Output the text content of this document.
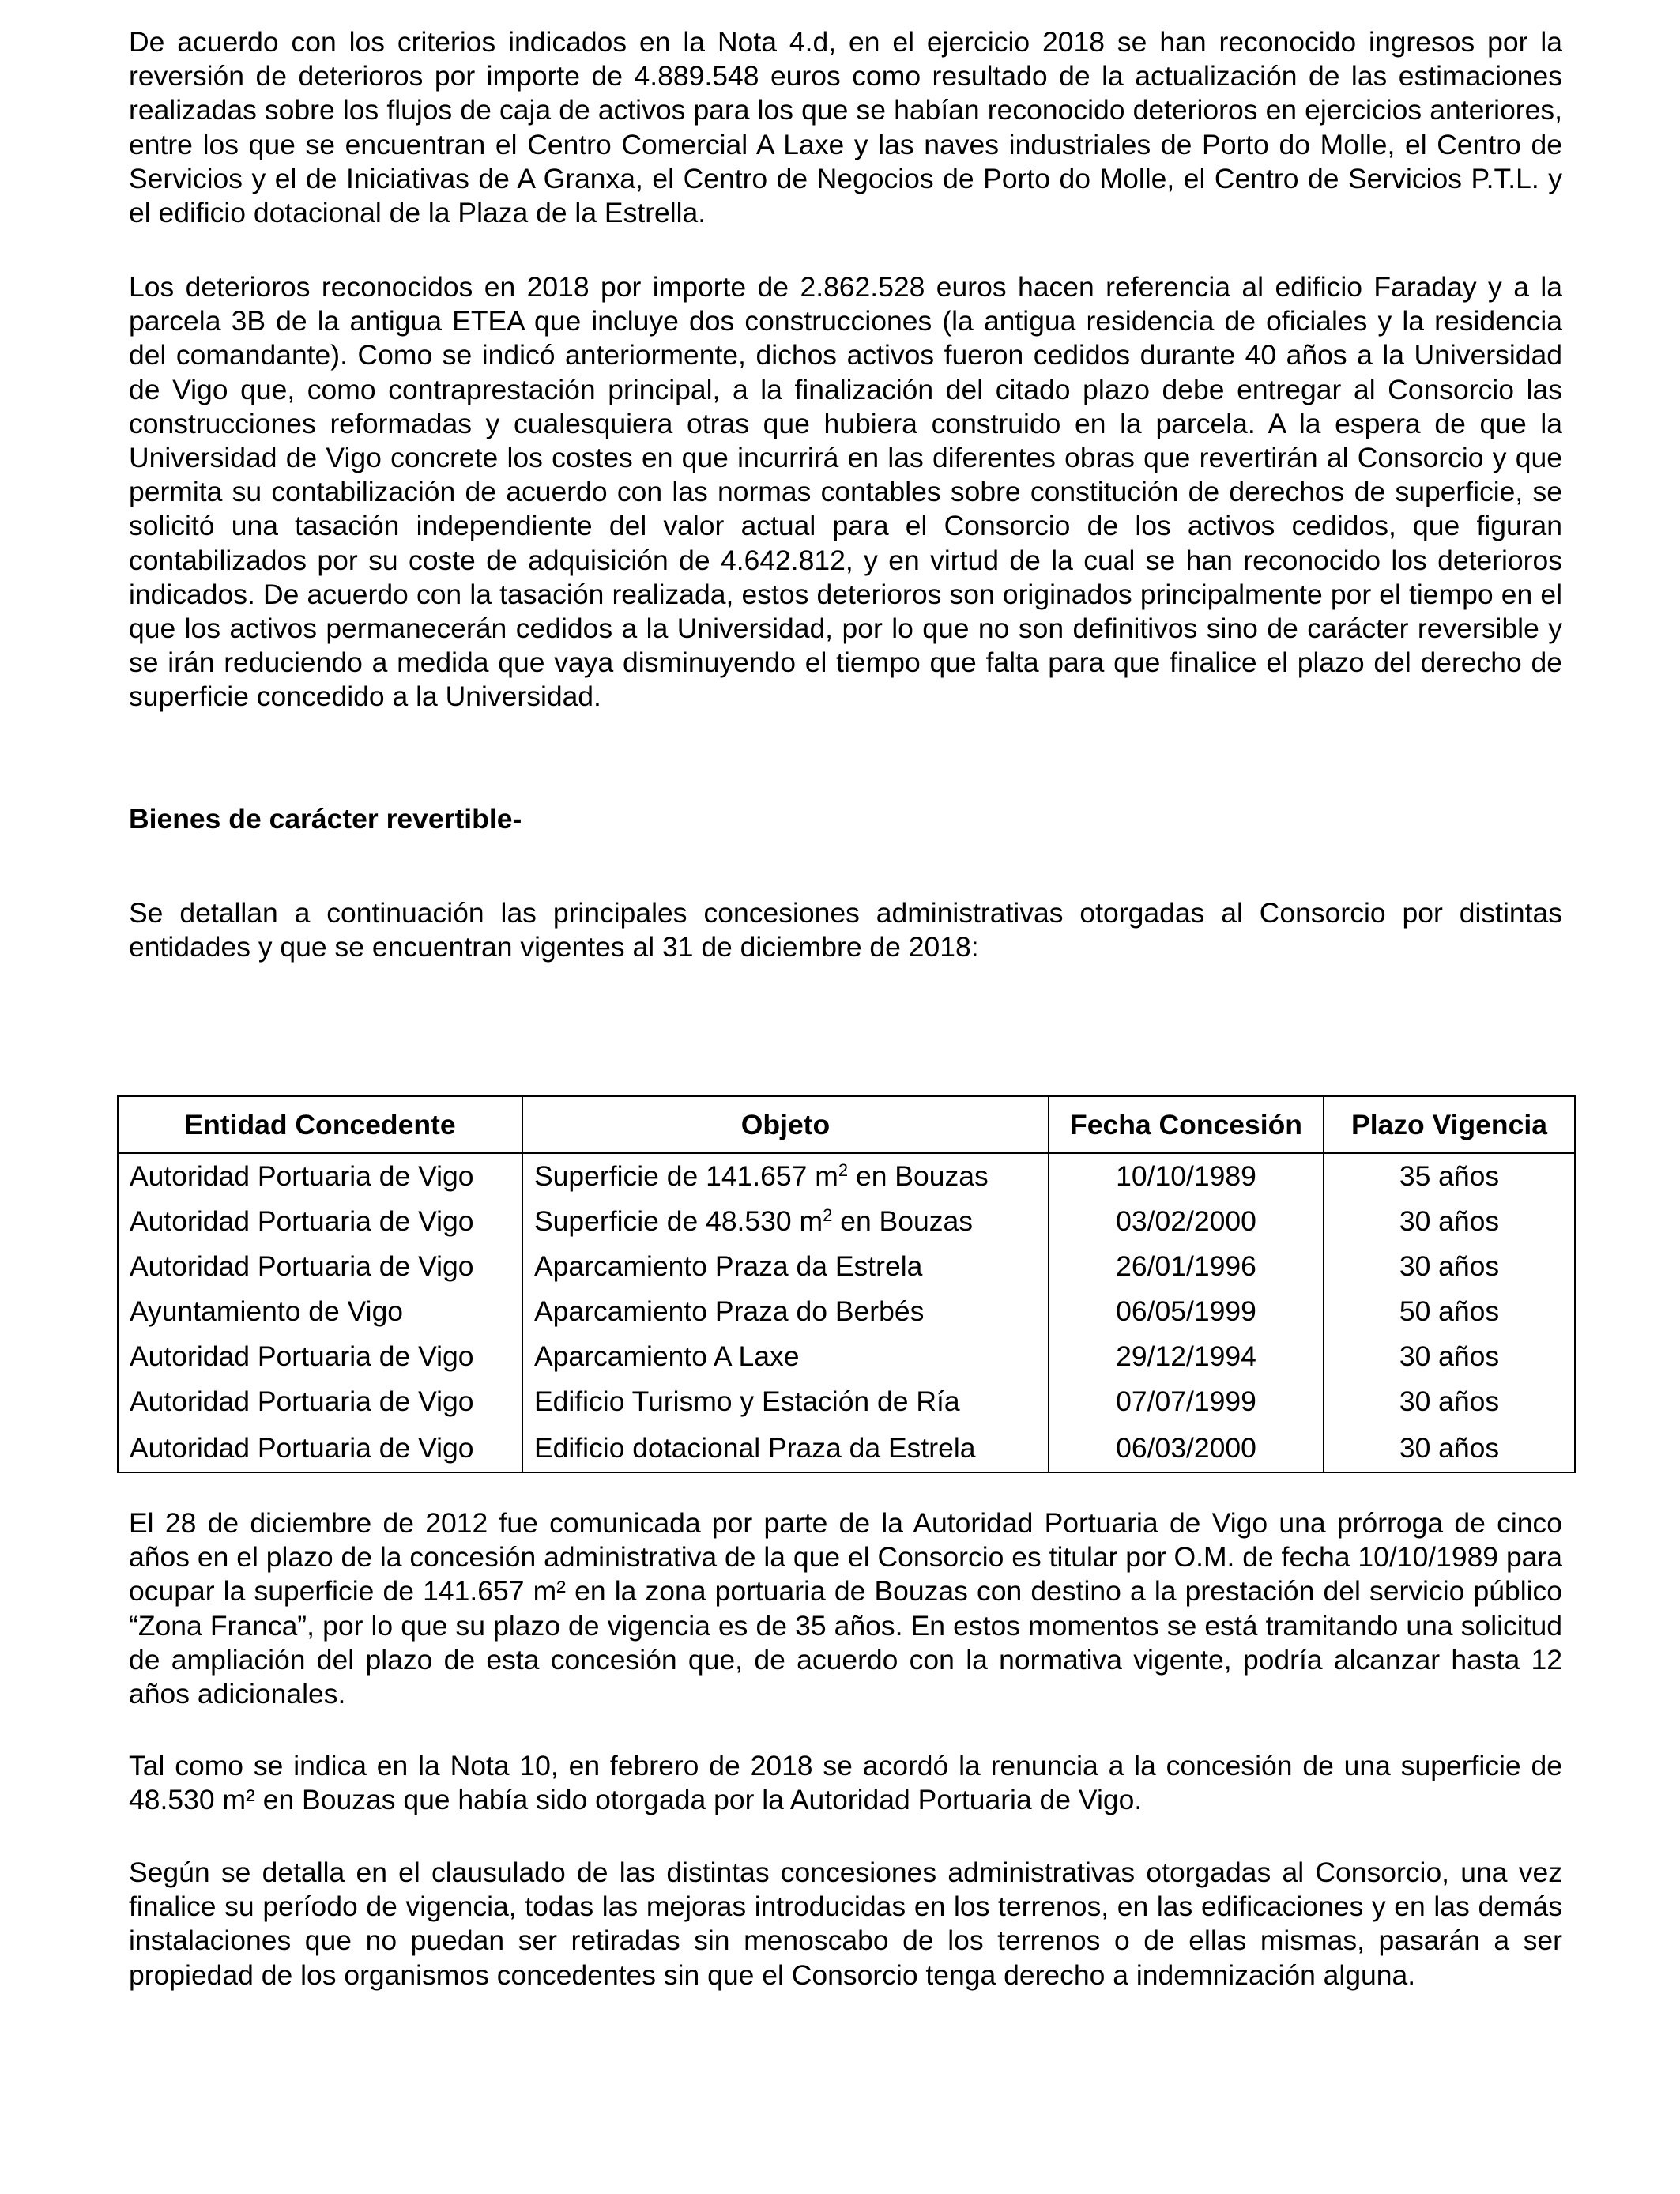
De acuerdo con los criterios indicados en la Nota 4.d, en el ejercicio 2018 se han reconocido ingresos por la reversión de deterioros por importe de 4.889.548 euros como resultado de la actualización de las estimaciones realizadas sobre los flujos de caja de activos para los que se habían reconocido deterioros en ejercicios anteriores, entre los que se encuentran el Centro Comercial A Laxe y las naves industriales de Porto do Molle, el Centro de Servicios y el de Iniciativas de A Granxa, el Centro de Negocios de Porto do Molle, el Centro de Servicios P.T.L. y el edificio dotacional de la Plaza de la Estrella.

Los deterioros reconocidos en 2018 por importe de 2.862.528 euros hacen referencia al edificio Faraday y a la parcela 3B de la antigua ETEA que incluye dos construcciones (la antigua residencia de oficiales y la residencia del comandante). Como se indicó anteriormente, dichos activos fueron cedidos durante 40 años a la Universidad de Vigo que, como contraprestación principal, a la finalización del citado plazo debe entregar al Consorcio las construcciones reformadas y cualesquiera otras que hubiera construido en la parcela. A la espera de que la Universidad de Vigo concrete los costes en que incurrirá en las diferentes obras que revertirán al Consorcio y que permita su contabilización de acuerdo con las normas contables sobre constitución de derechos de superficie, se solicitó una tasación independiente del valor actual para el Consorcio de los activos cedidos, que figuran contabilizados por su coste de adquisición de 4.642.812, y en virtud de la cual se han reconocido los deterioros indicados. De acuerdo con la tasación realizada, estos deterioros son originados principalmente por el tiempo en el que los activos permanecerán cedidos a la Universidad, por lo que no son definitivos sino de carácter reversible y se irán reduciendo a medida que vaya disminuyendo el tiempo que falta para que finalice el plazo del derecho de superficie concedido a la Universidad.

Bienes de carácter revertible-

Se detallan a continuación las principales concesiones administrativas otorgadas al Consorcio por distintas entidades y que se encuentran vigentes al 31 de diciembre de 2018:

Entidad Concedente	Objeto	Fecha Concesión	Plazo Vigencia
Autoridad Portuaria de Vigo	Superficie de 141.657 $m^2$ en Bouzas	10/10/1989	35 años
Autoridad Portuaria de Vigo	Superficie de 48.530 $m^2$ en Bouzas	03/02/2000	30 años
Autoridad Portuaria de Vigo	Aparcamiento Praza da Estrela	26/01/1996	30 años
Ayuntamiento de Vigo	Aparcamiento Praza do Berbés	06/05/1999	50 años
Autoridad Portuaria de Vigo	Aparcamiento A Laxe	29/12/1994	30 años
Autoridad Portuaria de Vigo	Edificio Turismo y Estación de Ría	07/07/1999	30 años
Autoridad Portuaria de Vigo	Edificio dotacional Praza da Estrela	06/03/2000	30 años

El 28 de diciembre de 2012 fue comunicada por parte de la Autoridad Portuaria de Vigo una prórroga de cinco años en el plazo de la concesión administrativa de la que el Consorcio es titular por O.M. de fecha 10/10/1989 para ocupar la superficie de 141.657 m² en la zona portuaria de Bouzas con destino a la prestación del servicio público “Zona Franca”, por lo que su plazo de vigencia es de 35 años. En estos momentos se está tramitando una solicitud de ampliación del plazo de esta concesión que, de acuerdo con la normativa vigente, podría alcanzar hasta 12 años adicionales.

Tal como se indica en la Nota 10, en febrero de 2018 se acordó la renuncia a la concesión de una superficie de 48.530 m² en Bouzas que había sido otorgada por la Autoridad Portuaria de Vigo.

Según se detalla en el clausulado de las distintas concesiones administrativas otorgadas al Consorcio, una vez finalice su período de vigencia, todas las mejoras introducidas en los terrenos, en las edificaciones y en las demás instalaciones que no puedan ser retiradas sin menoscabo de los terrenos o de ellas mismas, pasarán a ser propiedad de los organismos concedentes sin que el Consorcio tenga derecho a indemnización alguna.
